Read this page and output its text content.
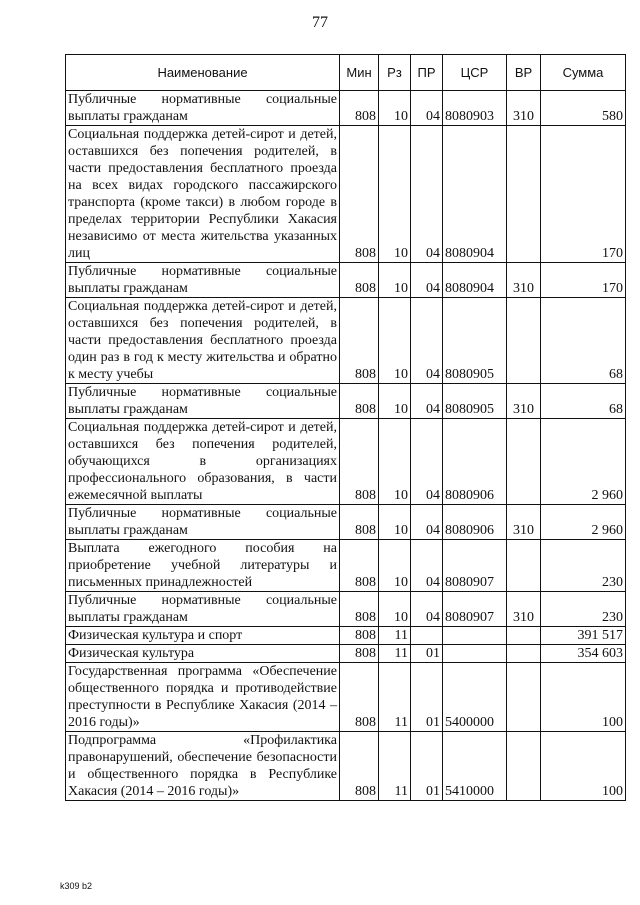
77
Наименование	Мин	Рз	ПР	ЦСР	ВР	Сумма
Публичные нормативные социальные выплаты гражданам	808	10	04	8080903	310	580
Социальная поддержка детей-сирот и детей, оставшихся без попечения родителей, в части предоставления бесплатного проезда на всех видах городского пассажирского транспорта (кроме такси) в любом городе в пределах территории Республики Хакасия независимо от места жительства указанных лиц	808	10	04	8080904		170
Публичные нормативные социальные выплаты гражданам	808	10	04	8080904	310	170
Социальная поддержка детей-сирот и детей, оставшихся без попечения родителей, в части предоставления бесплатного проезда один раз в год к месту жительства и обратно к месту учебы	808	10	04	8080905		68
Публичные нормативные социальные выплаты гражданам	808	10	04	8080905	310	68
Социальная поддержка детей-сирот и детей, оставшихся без попечения родителей, обучающихся в организациях профессионального образования, в части ежемесячной выплаты	808	10	04	8080906		2 960
Публичные нормативные социальные выплаты гражданам	808	10	04	8080906	310	2 960
Выплата ежегодного пособия на приобретение учебной литературы и письменных принадлежностей	808	10	04	8080907		230
Публичные нормативные социальные выплаты гражданам	808	10	04	8080907	310	230
Физическая культура и спорт	808	11				391 517
Физическая культура	808	11	01			354 603
Государственная программа «Обеспечение общественного порядка и противодействие преступности в Республике Хакасия (2014 – 2016 годы)»	808	11	01	5400000		100
Подпрограмма «Профилактика правонарушений, обеспечение безопасности и общественного порядка в Республике Хакасия (2014 – 2016 годы)»	808	11	01	5410000		100
k309 b2
